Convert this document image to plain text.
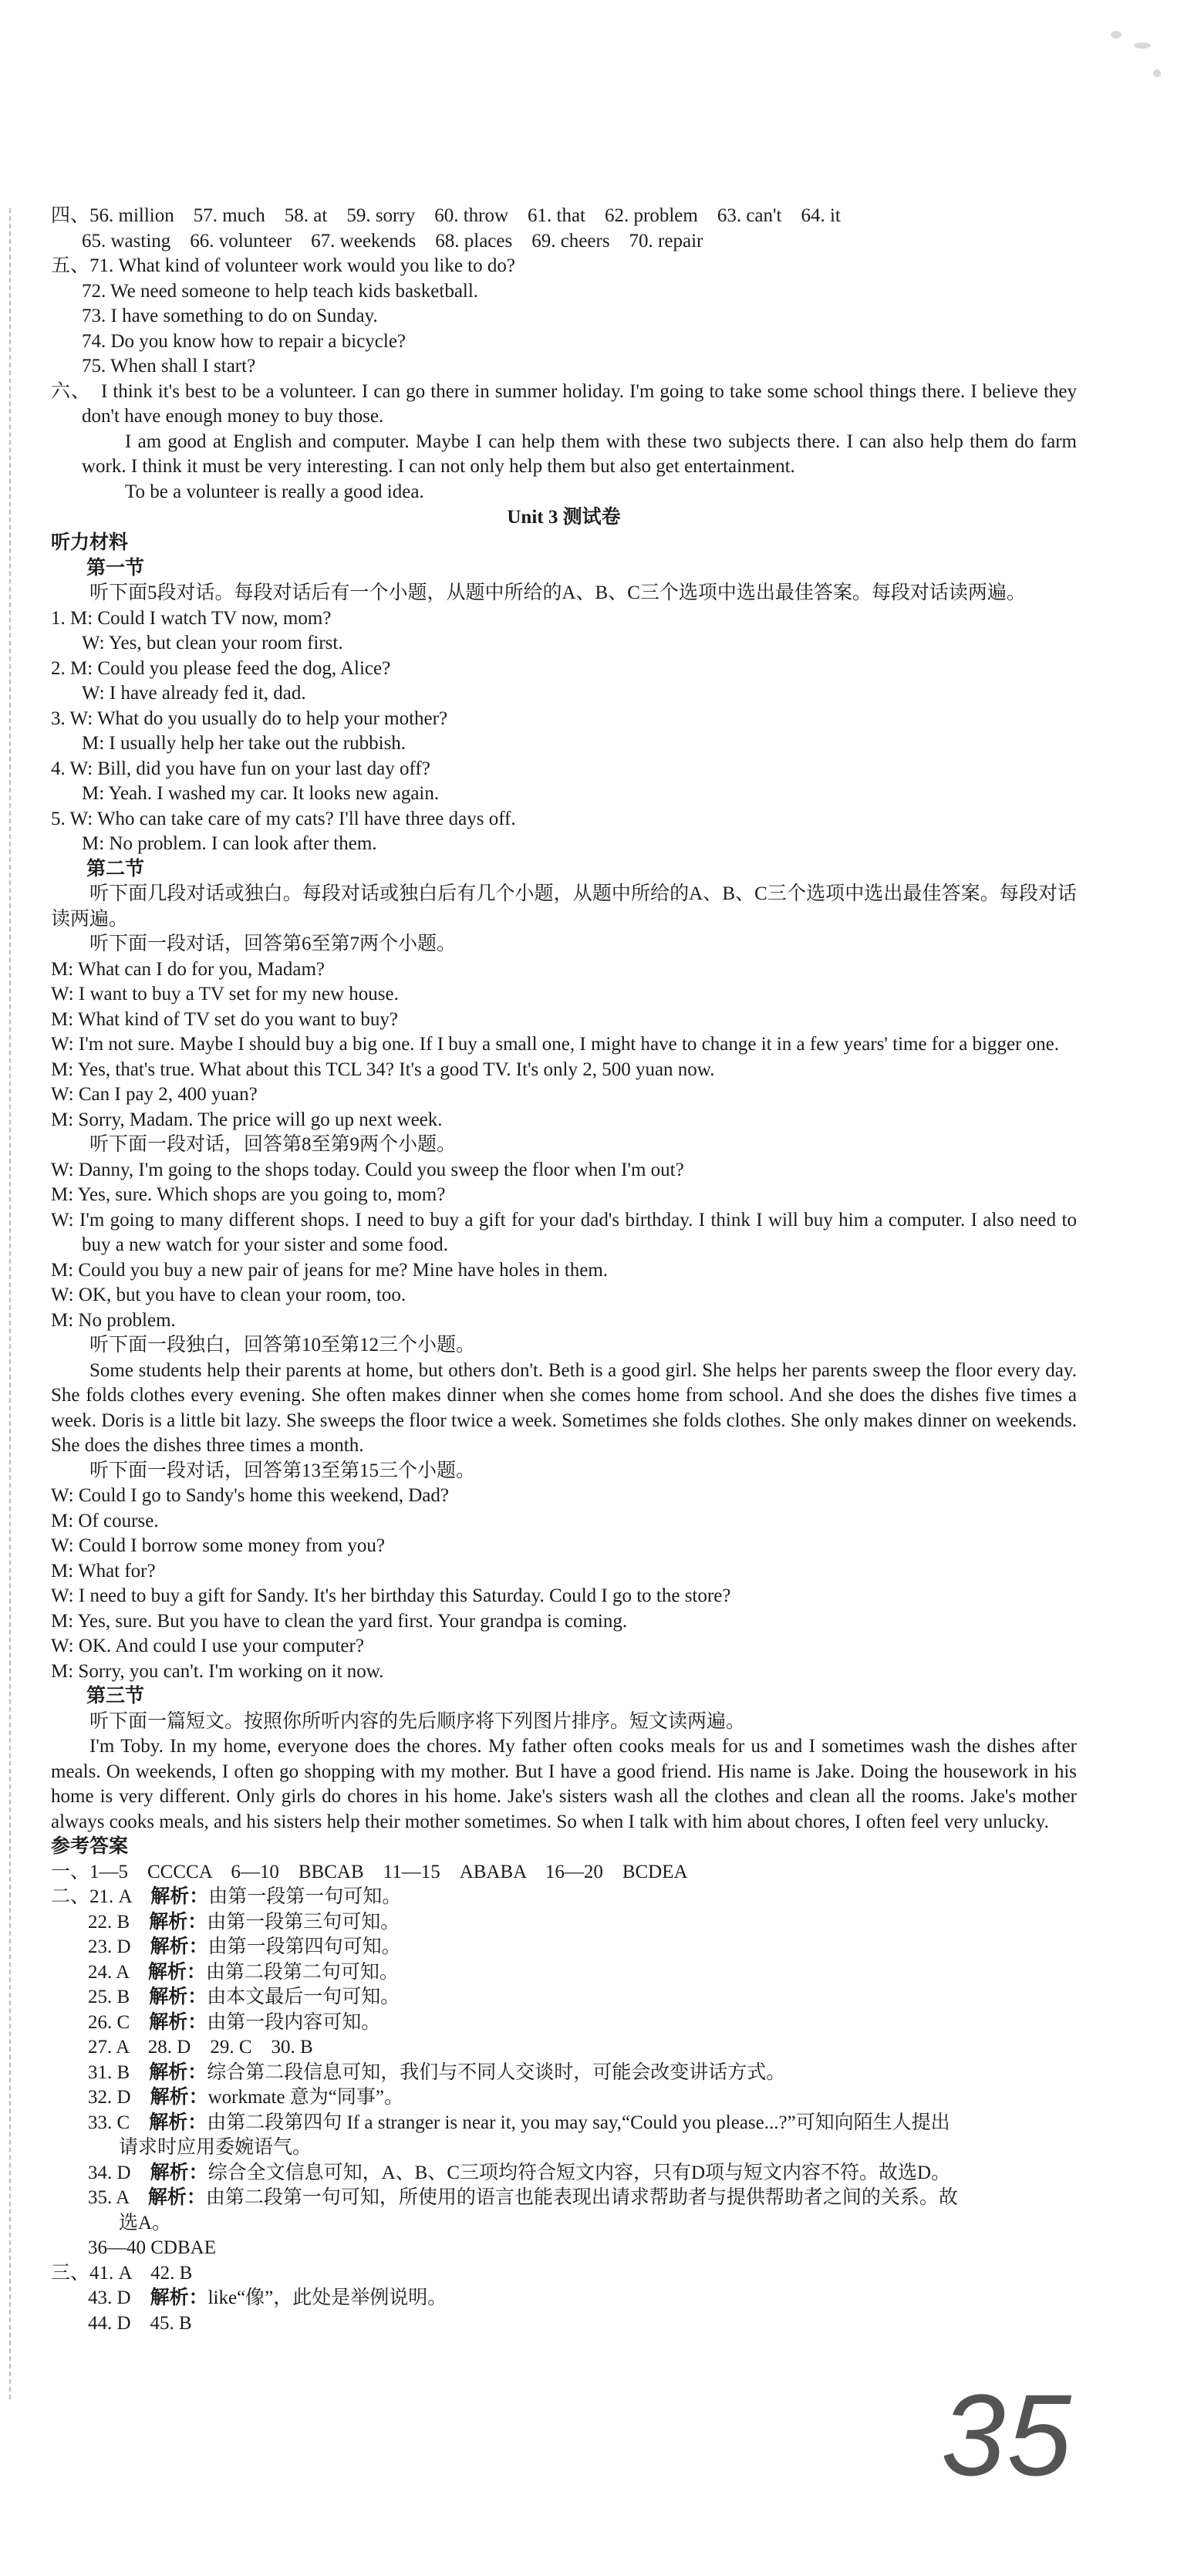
四、56. million　57. much　58. at　59. sorry　60. throw　61. that　62. problem　63. can't　64. it
65. wasting　66. volunteer　67. weekends　68. places　69. cheers　70. repair
五、71. What kind of volunteer work would you like to do?
72. We need someone to help teach kids basketball.
73. I have something to do on Sunday.
74. Do you know how to repair a bicycle?
75. When shall I start?
六、　I think it's best to be a volunteer. I can go there in summer holiday. I'm going to take some school things there. I believe they don't have enough money to buy those.
I am good at English and computer. Maybe I can help them with these two subjects there. I can also help them do farm work. I think it must be very interesting. I can not only help them but also get entertainment.
To be a volunteer is really a good idea.
Unit 3 测试卷
听力材料
第一节
听下面5段对话。每段对话后有一个小题，从题中所给的A、B、C三个选项中选出最佳答案。每段对话读两遍。
1. M: Could I watch TV now, mom?
W: Yes, but clean your room first.
2. M: Could you please feed the dog, Alice?
W: I have already fed it, dad.
3. W: What do you usually do to help your mother?
M: I usually help her take out the rubbish.
4. W: Bill, did you have fun on your last day off?
M: Yeah. I washed my car. It looks new again.
5. W: Who can take care of my cats? I'll have three days off.
M: No problem. I can look after them.
第二节
听下面几段对话或独白。每段对话或独白后有几个小题，从题中所给的A、B、C三个选项中选出最佳答案。每段对话读两遍。
听下面一段对话，回答第6至第7两个小题。
M: What can I do for you, Madam?
W: I want to buy a TV set for my new house.
M: What kind of TV set do you want to buy?
W: I'm not sure. Maybe I should buy a big one. If I buy a small one, I might have to change it in a few years' time for a bigger one.
M: Yes, that's true. What about this TCL 34? It's a good TV. It's only 2, 500 yuan now.
W: Can I pay 2, 400 yuan?
M: Sorry, Madam. The price will go up next week.
听下面一段对话，回答第8至第9两个小题。
W: Danny, I'm going to the shops today. Could you sweep the floor when I'm out?
M: Yes, sure. Which shops are you going to, mom?
W: I'm going to many different shops. I need to buy a gift for your dad's birthday. I think I will buy him a computer. I also need to buy a new watch for your sister and some food.
M: Could you buy a new pair of jeans for me? Mine have holes in them.
W: OK, but you have to clean your room, too.
M: No problem.
听下面一段独白，回答第10至第12三个小题。
Some students help their parents at home, but others don't. Beth is a good girl. She helps her parents sweep the floor every day. She folds clothes every evening. She often makes dinner when she comes home from school. And she does the dishes five times a week. Doris is a little bit lazy. She sweeps the floor twice a week. Sometimes she folds clothes. She only makes dinner on weekends. She does the dishes three times a month.
听下面一段对话，回答第13至第15三个小题。
W: Could I go to Sandy's home this weekend, Dad?
M: Of course.
W: Could I borrow some money from you?
M: What for?
W: I need to buy a gift for Sandy. It's her birthday this Saturday. Could I go to the store?
M: Yes, sure. But you have to clean the yard first. Your grandpa is coming.
W: OK. And could I use your computer?
M: Sorry, you can't. I'm working on it now.
第三节
听下面一篇短文。按照你所听内容的先后顺序将下列图片排序。短文读两遍。
I'm Toby. In my home, everyone does the chores. My father often cooks meals for us and I sometimes wash the dishes after meals. On weekends, I often go shopping with my mother. But I have a good friend. His name is Jake. Doing the housework in his home is very different. Only girls do chores in his home. Jake's sisters wash all the clothes and clean all the rooms. Jake's mother always cooks meals, and his sisters help their mother sometimes. So when I talk with him about chores, I often feel very unlucky.
参考答案
一、1—5　CCCCA　6—10　BBCAB　11—15　ABABA　16—20　BCDEA
二、21. A　 解析：由第一段第一句可知。
22. B　 解析：由第一段第三句可知。
23. D　 解析：由第一段第四句可知。
24. A　 解析：由第二段第二句可知。
25. B　 解析：由本文最后一句可知。
26. C　 解析：由第一段内容可知。
27. A　28. D　29. C　30. B
31. B　 解析：综合第二段信息可知，我们与不同人交谈时，可能会改变讲话方式。
32. D　 解析：workmate 意为“同事”。
33. C　 解析：由第二段第四句 If a stranger is near it, you may say,“Could you please...?”可知向陌生人提出
请求时应用委婉语气。
34. D　 解析：综合全文信息可知，A、B、C三项均符合短文内容，只有D项与短文内容不符。故选D。
35. A　 解析：由第二段第一句可知，所使用的语言也能表现出请求帮助者与提供帮助者之间的关系。故
选A。
36—40 CDBAE
三、41. A　42. B
43. D　 解析：like“像”，此处是举例说明。
44. D　45. B
35
